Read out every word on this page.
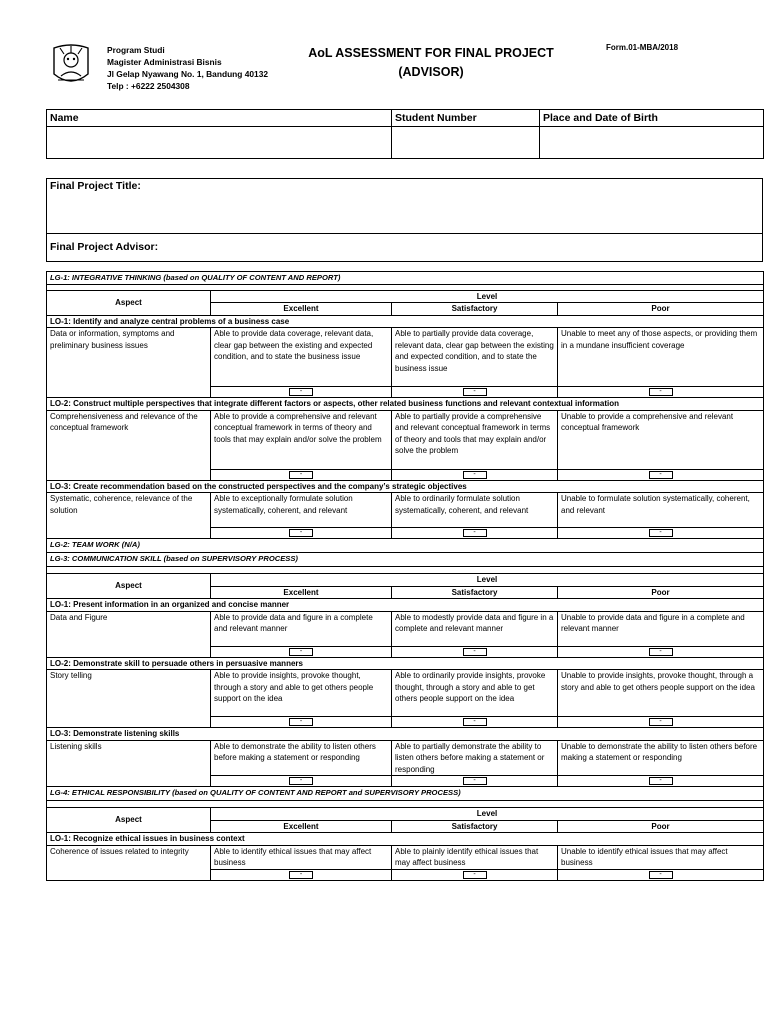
Program Studi
Magister Administrasi Bisnis
Jl Gelap Nyawang No. 1, Bandung 40132
Telp : +6222 2504308
AoL ASSESSMENT FOR FINAL PROJECT
(ADVISOR)
Form.01-MBA/2018
Name	Student Number	Place and Date of Birth

Final Project Title:
Final Project Advisor:
LG-1: INTEGRATIVE THINKING (based on QUALITY OF CONTENT AND REPORT)			

Aspect	Level		
	Excellent	Satisfactory	Poor
LO-1: Identify and analyze central problems of a business case			
Data or information, symptoms and preliminary business issues	Able to provide data coverage, relevant data, clear gap between the existing and expected condition, and to state the business issue	Able to partially provide data coverage, relevant data, clear gap between the existing and expected condition, and to state the business issue	Unable to meet any of those aspects, or providing them in a mundane insufficient coverage

	-	-	-

LO-2: Construct multiple perspectives that integrate different factors or aspects, other related business functions and relevant contextual information			
Comprehensiveness and relevance of the conceptual framework	Able to provide a comprehensive and relevant conceptual framework in terms of theory and tools that may explain and/or solve the problem	Able to partially provide a comprehensive and relevant conceptual framework in terms of theory and tools that may explain and/or solve the problem	Unable to provide a comprehensive and relevant conceptual framework

	-	-	-

LO-3: Create recommendation based on the constructed perspectives and the company’s strategic objectives			
Systematic, coherence, relevance of the solution	Able to exceptionally formulate solution systematically, coherent, and relevant	Able to ordinarily formulate solution systematically, coherent, and relevant	Unable to formulate solution systematically, coherent, and relevant

	-	-	-

LG-2: TEAM WORK (N/A)			
LG-3: COMMUNICATION SKILL (based on SUPERVISORY PROCESS)			

Aspect	Level		
	Excellent	Satisfactory	Poor
LO-1: Present information in an organized and concise manner			
Data and Figure	Able to provide data and figure in a complete and relevant manner	Able to modestly provide data and figure in a complete and relevant manner	Unable to provide data and figure in a complete and relevant manner

	-	-	-

LO-2: Demonstrate skill to persuade others in persuasive manners			
Story telling	Able to provide insights, provoke thought, through a story and able to get others people support on the idea	Able to ordinarily provide insights, provoke thought, through a story and able to get others people support on the idea	Unable to provide insights, provoke thought, through a story and able to get others people support on the idea

	-	-	-

LO-3: Demonstrate listening skills			
Listening skills	Able to demonstrate the ability to listen others before making a statement or responding	Able to partially demonstrate the ability to listen others before making a statement or responding	Unable to demonstrate the ability to listen others before making a statement or responding

	-	-	-

LG-4: ETHICAL RESPONSIBILITY (based on QUALITY OF CONTENT AND REPORT and SUPERVISORY PROCESS)			

Aspect	Level		
	Excellent	Satisfactory	Poor
LO-1: Recognize ethical issues in business context			
Coherence of issues related to integrity	Able to identify ethical issues that may affect business	Able to plainly identify ethical issues that may affect business	Unable to identify ethical issues that may affect business

	-	-	-
